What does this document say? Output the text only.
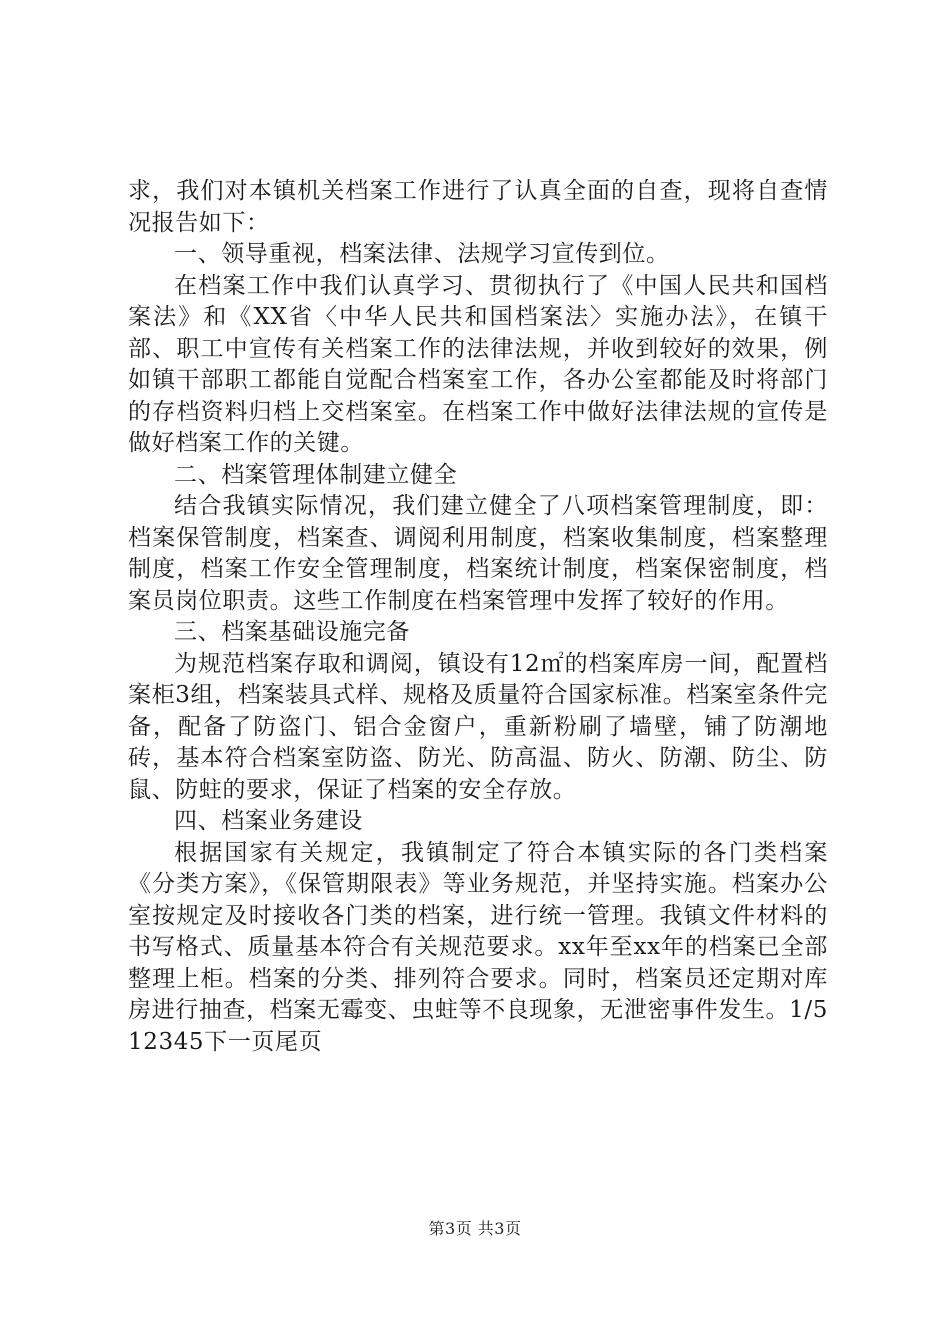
求，我们对本镇机关档案工作进行了认真全面的自查，现将自查情况报告如下：

一、领导重视，档案法律、法规学习宣传到位。

在档案工作中我们认真学习、贯彻执行了《中国人民共和国档案法》和《XX省〈中华人民共和国档案法〉实施办法》，在镇干部、职工中宣传有关档案工作的法律法规，并收到较好的效果，例如镇干部职工都能自觉配合档案室工作，各办公室都能及时将部门的存档资料归档上交档案室。在档案工作中做好法律法规的宣传是做好档案工作的关键。

二、档案管理体制建立健全

结合我镇实际情况，我们建立健全了八项档案管理制度，即：档案保管制度，档案查、调阅利用制度，档案收集制度，档案整理制度，档案工作安全管理制度，档案统计制度，档案保密制度，档案员岗位职责。这些工作制度在档案管理中发挥了较好的作用。

三、档案基础设施完备

为规范档案存取和调阅，镇设有12㎡的档案库房一间，配置档案柜3组，档案装具式样、规格及质量符合国家标准。档案室条件完备，配备了防盗门、铝合金窗户，重新粉刷了墙壁，铺了防潮地砖，基本符合档案室防盗、防光、防高温、防火、防潮、防尘、防鼠、防蛀的要求，保证了档案的安全存放。

四、档案业务建设

根据国家有关规定，我镇制定了符合本镇实际的各门类档案《分类方案》，《保管期限表》等业务规范，并坚持实施。档案办公室按规定及时接收各门类的档案，进行统一管理。我镇文件材料的书写格式、质量基本符合有关规范要求。xx年至xx年的档案已全部整理上柜。档案的分类、排列符合要求。同时，档案员还定期对库房进行抽查，档案无霉变、虫蛀等不良现象，无泄密事件发生。1/512345下一页尾页

第3页 共3页
